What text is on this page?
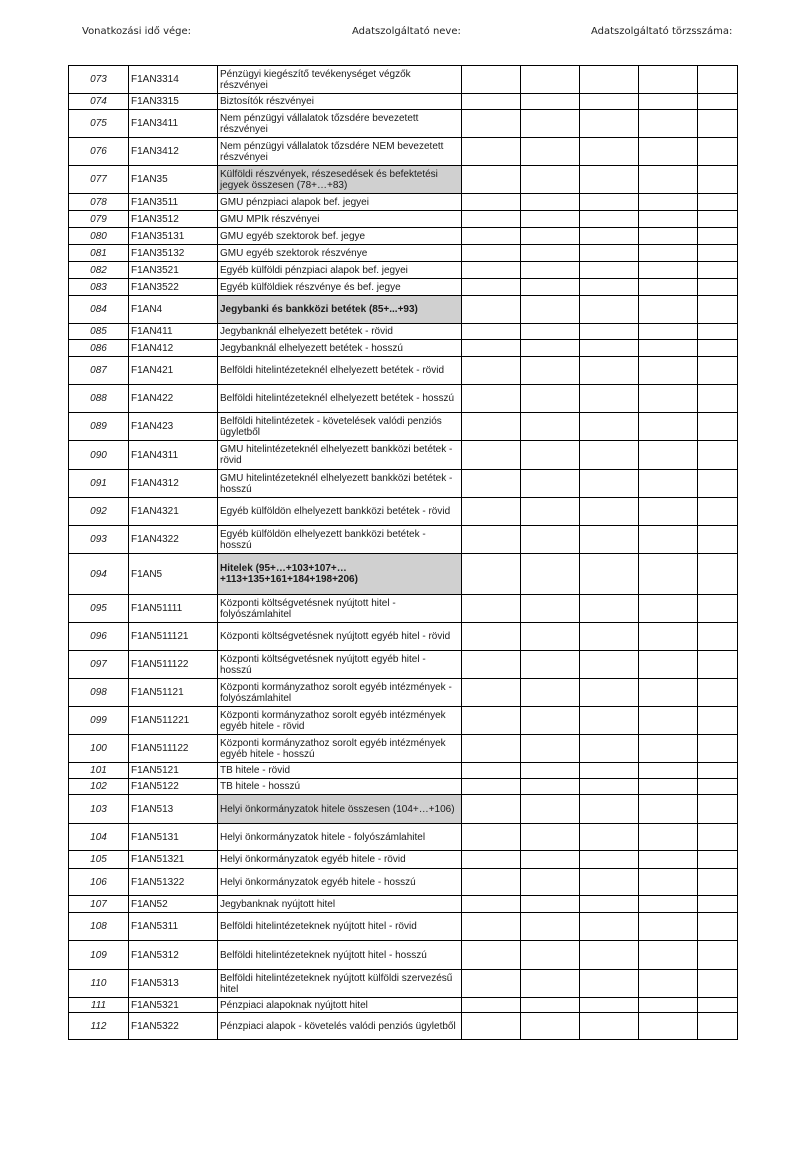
Vonatkozási idő vége:	Adatszolgáltató neve:	Adatszolgáltató törzsszáma:
073	F1AN3314	Pénzügyi kiegészítő tevékenységet végzők részvényei					
074	F1AN3315	Biztosítók részvényei					
075	F1AN3411	Nem pénzügyi vállalatok tőzsdére bevezetett részvényei					
076	F1AN3412	Nem pénzügyi vállalatok tőzsdére NEM bevezetett részvényei					
077	F1AN35	Külföldi részvények, részesedések és befektetési jegyek összesen (78+…+83)					
078	F1AN3511	GMU pénzpiaci alapok bef. jegyei					
079	F1AN3512	GMU MPIk részvényei					
080	F1AN35131	GMU egyéb szektorok bef. jegye					
081	F1AN35132	GMU egyéb szektorok részvénye					
082	F1AN3521	Egyéb külföldi pénzpiaci alapok bef. jegyei					
083	F1AN3522	Egyéb külföldiek részvénye és bef. jegye					
084	F1AN4	Jegybanki és bankközi betétek (85+...+93)					
085	F1AN411	Jegybanknál elhelyezett betétek - rövid					
086	F1AN412	Jegybanknál elhelyezett betétek - hosszú					
087	F1AN421	Belföldi hitelintézeteknél elhelyezett betétek - rövid					
088	F1AN422	Belföldi hitelintézeteknél elhelyezett betétek - hosszú					
089	F1AN423	Belföldi hitelintézetek - követelések valódi penziós ügyletből					
090	F1AN4311	GMU hitelintézeteknél elhelyezett bankközi betétek - rövid					
091	F1AN4312	GMU hitelintézeteknél elhelyezett bankközi betétek - hosszú					
092	F1AN4321	Egyéb külföldön elhelyezett bankközi betétek - rövid					
093	F1AN4322	Egyéb külföldön elhelyezett bankközi betétek - hosszú					
094	F1AN5	Hitelek (95+…+103+107+…+113+135+161+184+198+206)					
095	F1AN51111	Központi költségvetésnek nyújtott hitel - folyószámlahitel					
096	F1AN511121	Központi költségvetésnek nyújtott egyéb hitel - rövid					
097	F1AN511122	Központi költségvetésnek nyújtott egyéb hitel - hosszú					
098	F1AN51121	Központi kormányzathoz sorolt egyéb intézmények - folyószámlahitel					
099	F1AN511221	Központi kormányzathoz sorolt egyéb intézmények egyéb hitele - rövid					
100	F1AN511122	Központi kormányzathoz sorolt egyéb intézmények egyéb hitele - hosszú					
101	F1AN5121	TB hitele - rövid					
102	F1AN5122	TB hitele - hosszú					
103	F1AN513	Helyi önkormányzatok hitele összesen (104+…+106)					
104	F1AN5131	Helyi önkormányzatok hitele - folyószámlahitel					
105	F1AN51321	Helyi önkormányzatok egyéb hitele - rövid					
106	F1AN51322	Helyi önkormányzatok egyéb hitele - hosszú					
107	F1AN52	Jegybanknak nyújtott hitel					
108	F1AN5311	Belföldi hitelintézeteknek nyújtott hitel - rövid					
109	F1AN5312	Belföldi hitelintézeteknek nyújtott hitel - hosszú					
110	F1AN5313	Belföldi hitelintézeteknek nyújtott külföldi szervezésű hitel					
111	F1AN5321	Pénzpiaci alapoknak nyújtott hitel					
112	F1AN5322	Pénzpiaci alapok - követelés valódi penziós ügyletből					
